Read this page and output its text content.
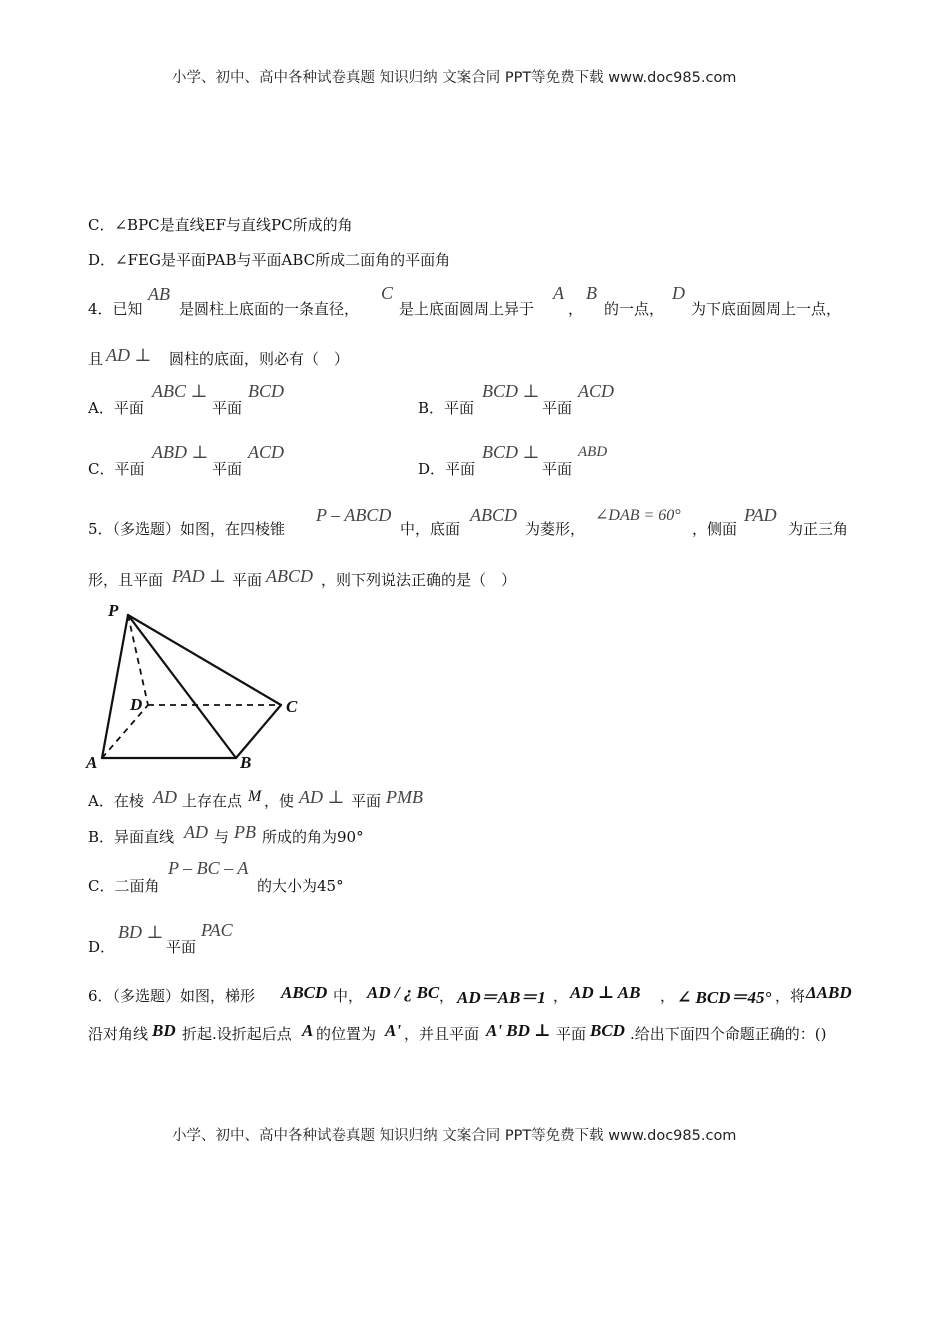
小学、初中、高中各种试卷真题 知识归纳 文案合同 PPT等免费下载 www.doc985.com
C．∠BPC是直线EF与直线PC所成的角
D．∠FEG是平面PAB与平面ABC所成二面角的平面角
4．已知
AB
是圆柱上底面的一条直径，
C
是上底面圆周上异于
A
，
B
的一点，
D
为下底面圆周上一点，
且 AD ⊥ 圆柱的底面，则必有（　）
A．平面
ABC ⊥
平面
BCD
B．平面
BCD ⊥
平面
ACD
C．平面
ABD ⊥
平面
ACD
D．平面
BCD ⊥
平面
ABD
5．（多选题）如图，在四棱锥
P – ABCD
中，底面
ABCD
为菱形，
∠DAB = 60°
，侧面
PAD
为正三角
形，且平面 PAD ⊥ 平面 ABCD ，则下列说法正确的是（　）
P
D	C
A	B
A．在棱 AD 上存在点 M ，使 AD ⊥ 平面 PMB
B．异面直线 AD 与 PB 所成的角为90°
C．二面角
P – BC – A
的大小为45°
D．
BD ⊥
平面
PAC
6．（多选题）如图，梯形 ABCD 中， AD / ¿ BC ， AD＝AB＝1 ， AD ⊥ AB ， ∠ BCD＝45° ，将 ΔABD
沿对角线 BD 折起.设折起后点 A 的位置为 A' ，并且平面 A' BD ⊥ 平面 BCD .给出下面四个命题正确的：()
小学、初中、高中各种试卷真题 知识归纳 文案合同 PPT等免费下载 www.doc985.com
